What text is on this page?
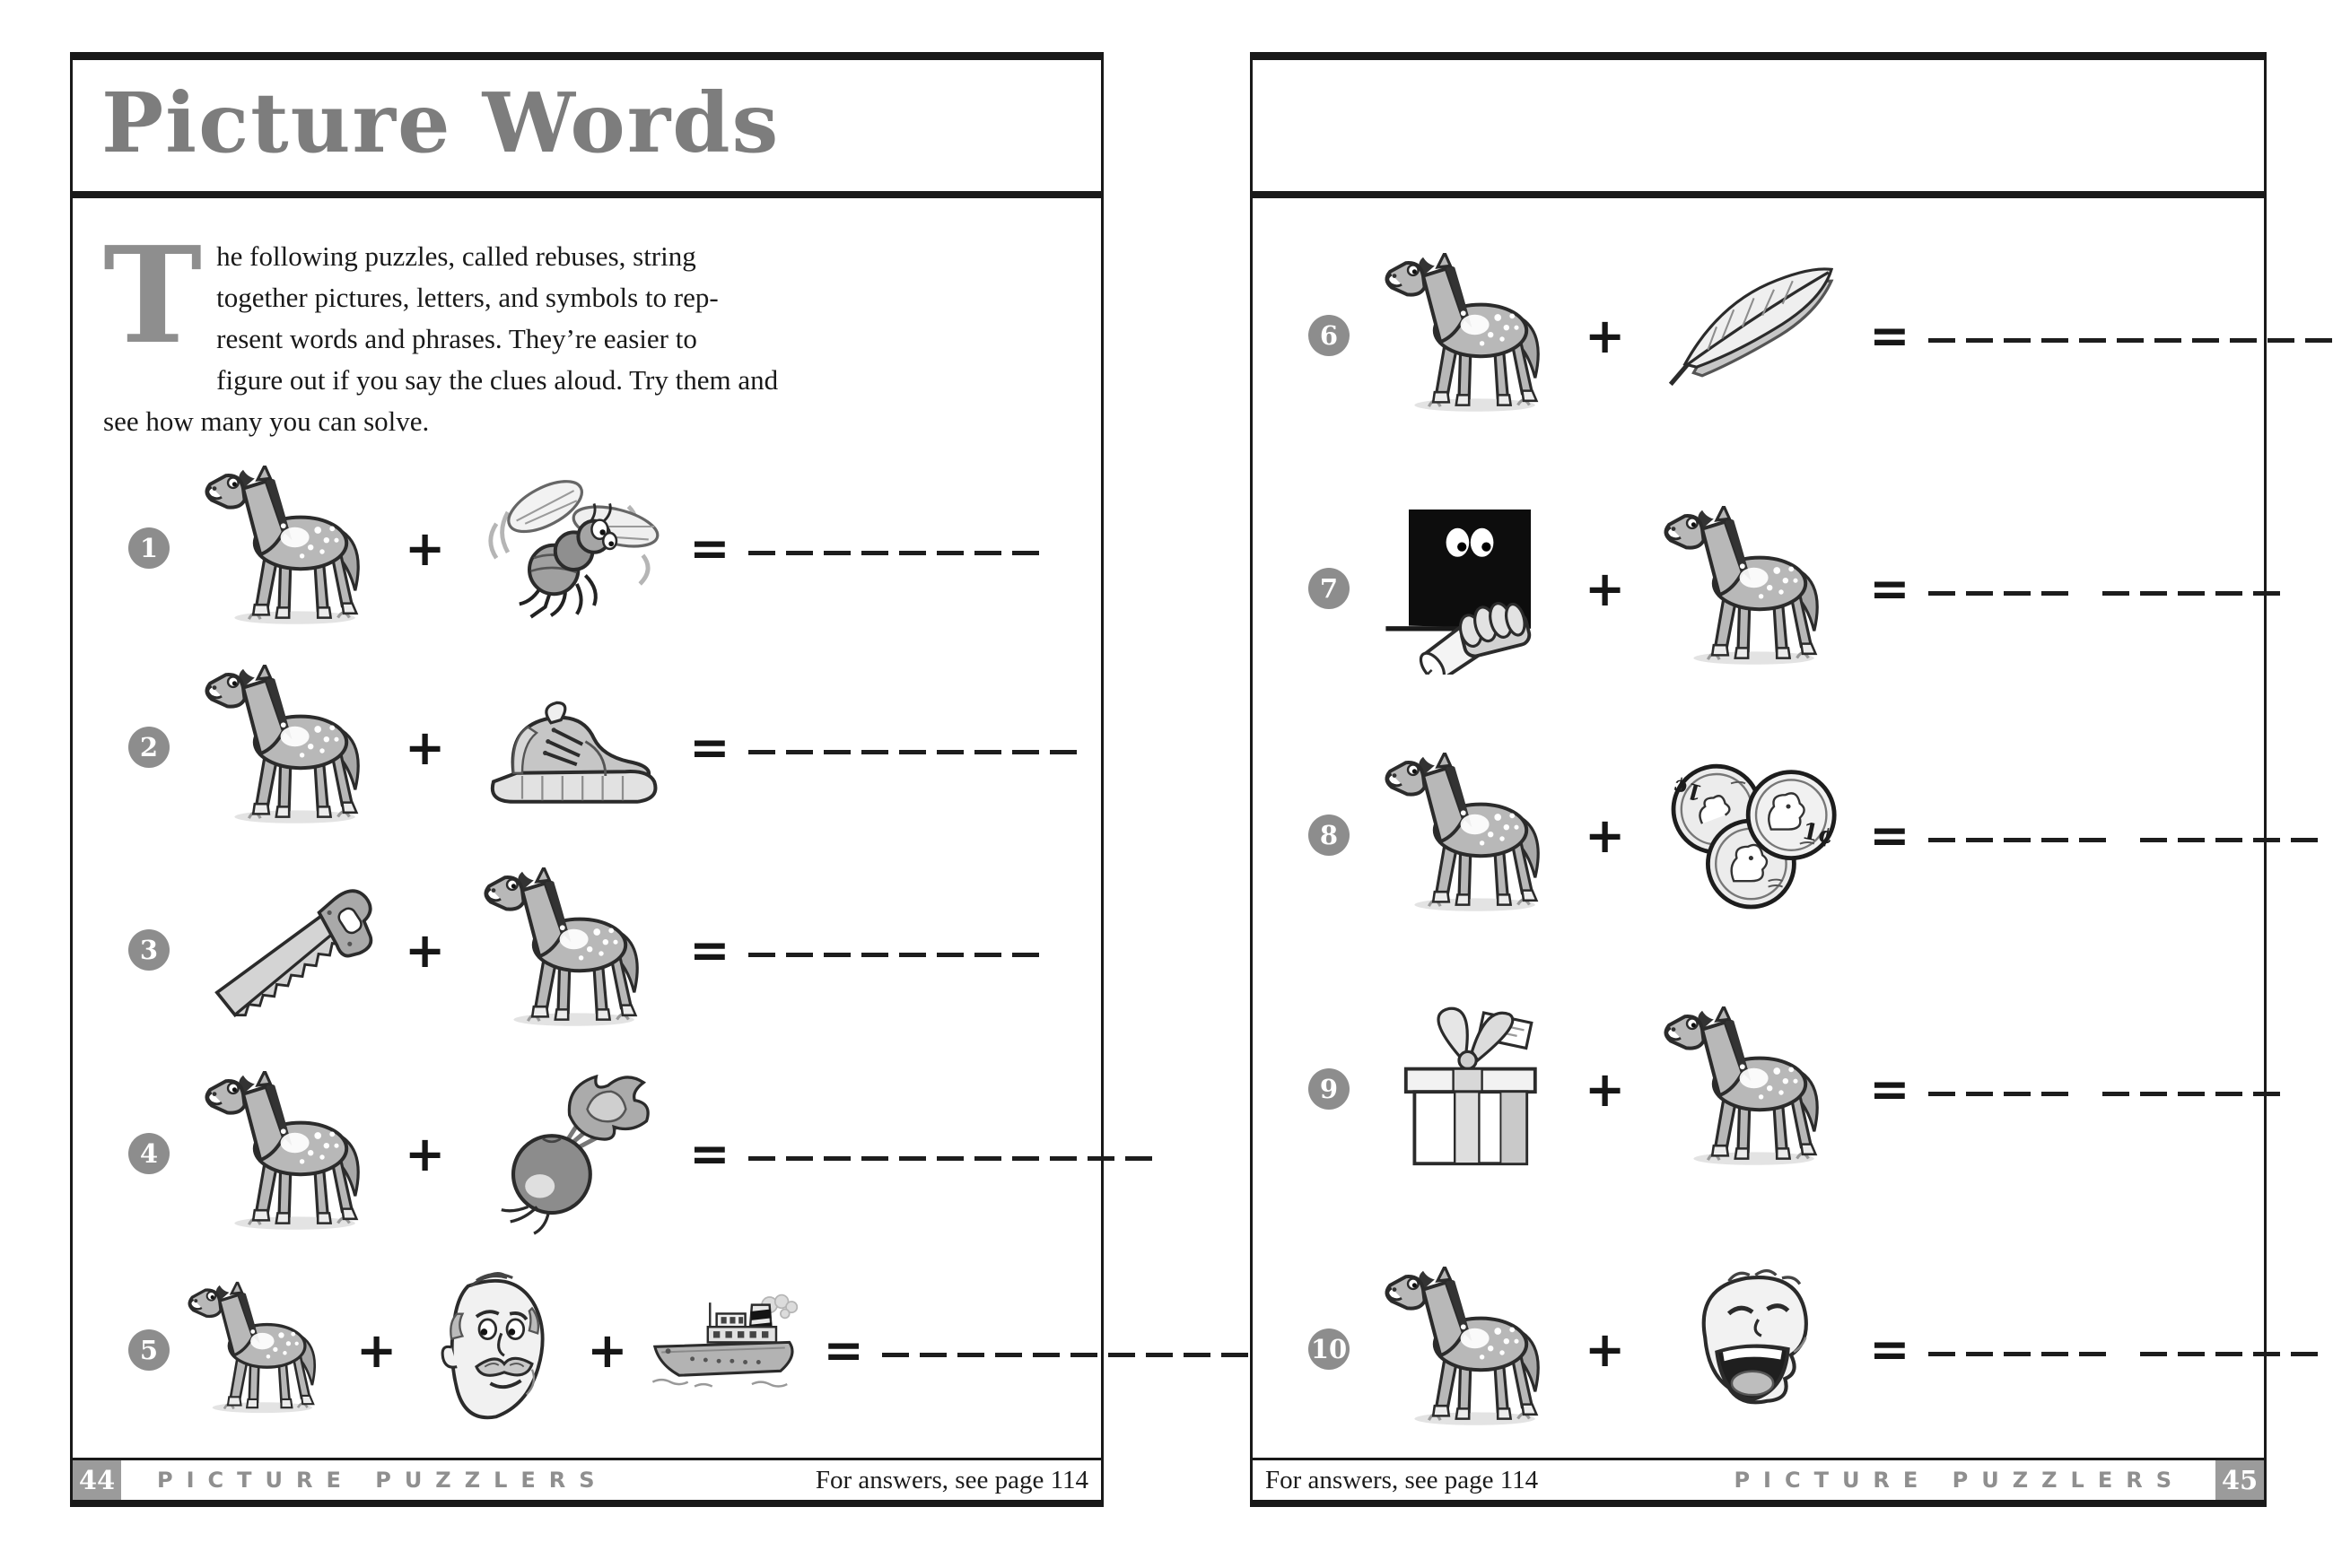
Picture Words
T he following puzzles, called rebuses, string
together pictures, letters, and symbols to rep-
resent words and phrases. They’re easier to
figure out if you say the clues aloud. Try them and
see how many you can solve.
1	+	=
2	+	=
3	+	=
4	+	=
5	+	+	=
44 PICTURE PUZZLERS	For answers, see page 114
6	+	=
7	+	=
8	+	=
9	+	=
10	+	=
For answers, see page 114	PICTURE PUZZLERS 45
